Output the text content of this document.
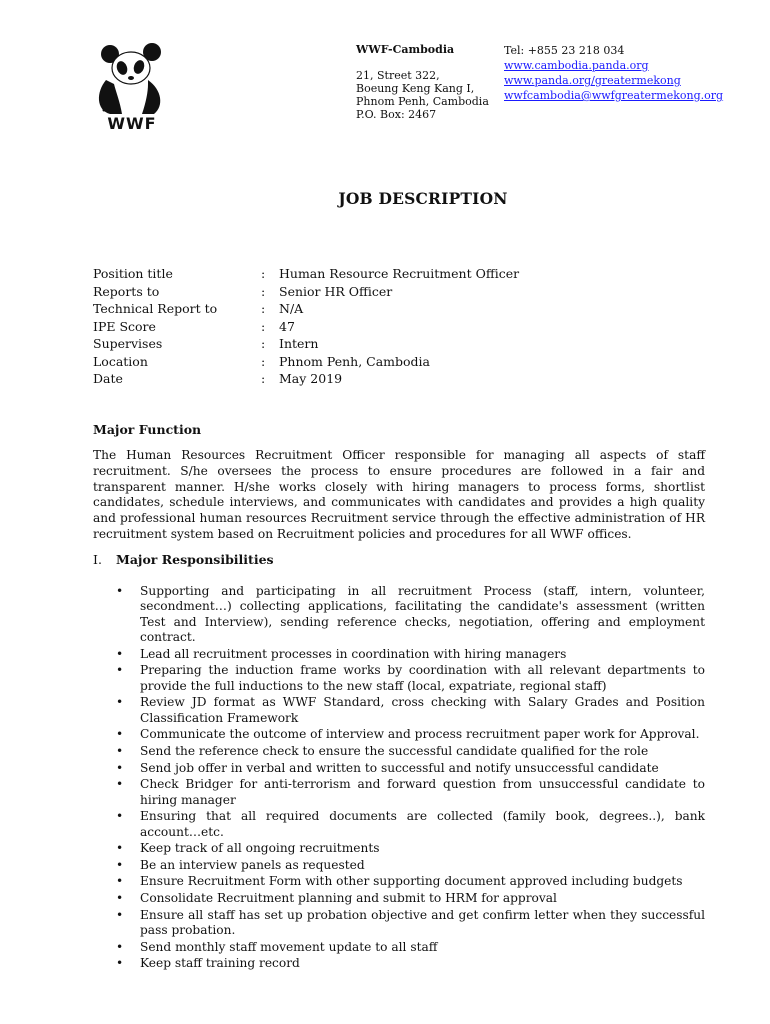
WWF
WWF-Cambodia
21, Street 322,
Boeung Keng Kang I,
Phnom Penh, Cambodia
P.O. Box: 2467
Tel: +855 23 218 034
www.cambodia.panda.org
www.panda.org/greatermekong
wwfcambodia@wwfgreatermekong.org
JOB DESCRIPTION
Position title	:	Human Resource Recruitment Officer
Reports to	:	Senior HR Officer
Technical Report to	:	N/A
IPE Score	:	47
Supervises	:	Intern
Location	:	Phnom Penh, Cambodia
Date	:	May 2019
Major Function
The Human Resources Recruitment Officer responsible for managing all aspects of staff recruitment. S/he oversees the process to ensure procedures are followed in a fair and transparent manner. H/she works closely with hiring managers to process forms, shortlist candidates, schedule interviews, and communicates with candidates and provides a high quality and professional human resources Recruitment service through the effective administration of HR recruitment system based on Recruitment policies and procedures for all WWF offices.
I. Major Responsibilities
• Supporting and participating in all recruitment Process (staff, intern, volunteer, secondment…) collecting applications, facilitating the candidate's assessment (written Test and Interview), sending reference checks, negotiation, offering and employment contract.
• Lead all recruitment processes in coordination with hiring managers
• Preparing the induction frame works by coordination with all relevant departments to provide the full inductions to the new staff (local, expatriate, regional staff)
• Review JD format as WWF Standard, cross checking with Salary Grades and Position Classification Framework
• Communicate the outcome of interview and process recruitment paper work for Approval.
• Send the reference check to ensure the successful candidate qualified for the role
• Send job offer in verbal and written to successful and notify unsuccessful candidate
• Check Bridger for anti-terrorism and forward question from unsuccessful candidate to hiring manager
• Ensuring that all required documents are collected (family book, degrees..), bank account…etc.
• Keep track of all ongoing recruitments
• Be an interview panels as requested
• Ensure Recruitment Form with other supporting document approved including budgets
• Consolidate Recruitment planning and submit to HRM for approval
• Ensure all staff has set up probation objective and get confirm letter when they successful pass probation.
• Send monthly staff movement update to all staff
• Keep staff training record
